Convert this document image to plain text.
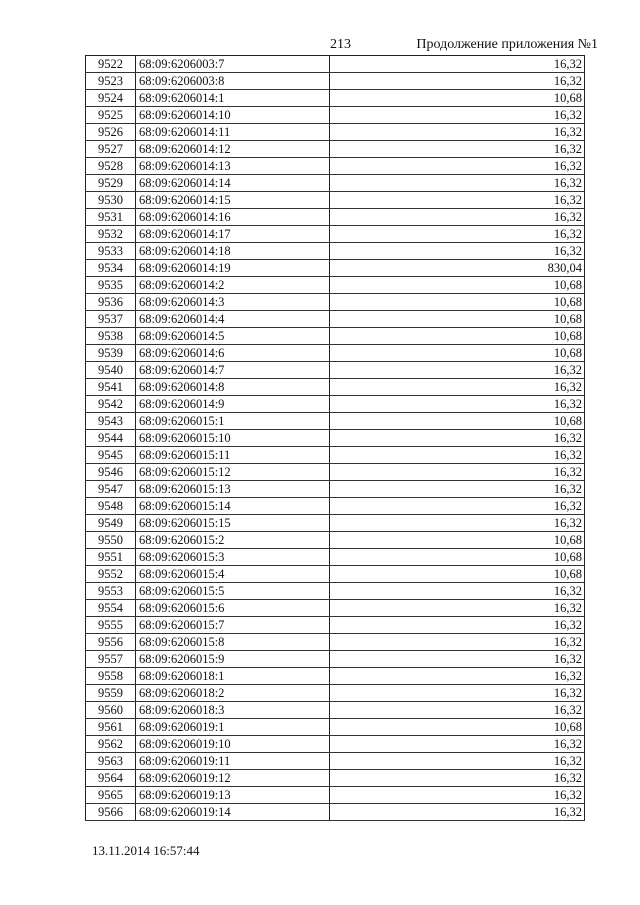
213	Продолжение приложения №1
9522	68:09:6206003:7	16,32
9523	68:09:6206003:8	16,32
9524	68:09:6206014:1	10,68
9525	68:09:6206014:10	16,32
9526	68:09:6206014:11	16,32
9527	68:09:6206014:12	16,32
9528	68:09:6206014:13	16,32
9529	68:09:6206014:14	16,32
9530	68:09:6206014:15	16,32
9531	68:09:6206014:16	16,32
9532	68:09:6206014:17	16,32
9533	68:09:6206014:18	16,32
9534	68:09:6206014:19	830,04
9535	68:09:6206014:2	10,68
9536	68:09:6206014:3	10,68
9537	68:09:6206014:4	10,68
9538	68:09:6206014:5	10,68
9539	68:09:6206014:6	10,68
9540	68:09:6206014:7	16,32
9541	68:09:6206014:8	16,32
9542	68:09:6206014:9	16,32
9543	68:09:6206015:1	10,68
9544	68:09:6206015:10	16,32
9545	68:09:6206015:11	16,32
9546	68:09:6206015:12	16,32
9547	68:09:6206015:13	16,32
9548	68:09:6206015:14	16,32
9549	68:09:6206015:15	16,32
9550	68:09:6206015:2	10,68
9551	68:09:6206015:3	10,68
9552	68:09:6206015:4	10,68
9553	68:09:6206015:5	16,32
9554	68:09:6206015:6	16,32
9555	68:09:6206015:7	16,32
9556	68:09:6206015:8	16,32
9557	68:09:6206015:9	16,32
9558	68:09:6206018:1	16,32
9559	68:09:6206018:2	16,32
9560	68:09:6206018:3	16,32
9561	68:09:6206019:1	10,68
9562	68:09:6206019:10	16,32
9563	68:09:6206019:11	16,32
9564	68:09:6206019:12	16,32
9565	68:09:6206019:13	16,32
9566	68:09:6206019:14	16,32
13.11.2014 16:57:44
